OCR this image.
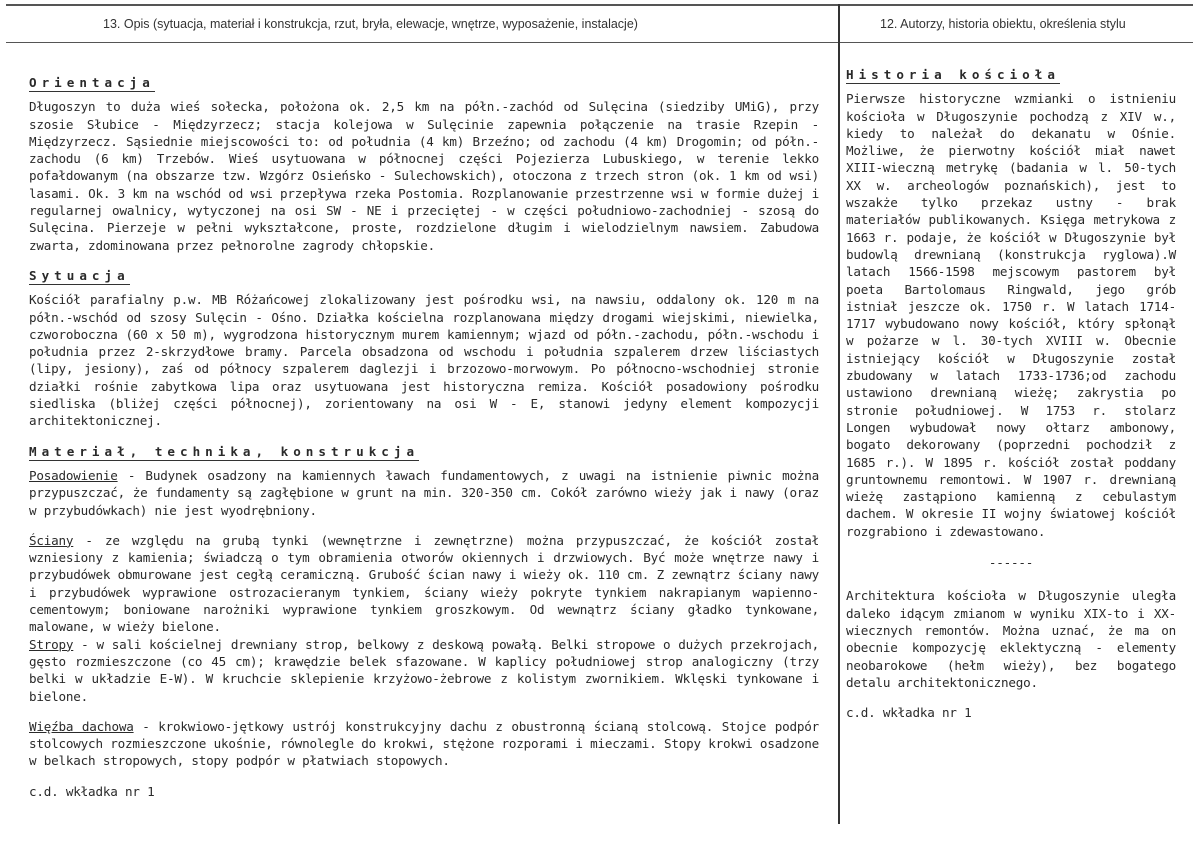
13. Opis (sytuacja, materiał i konstrukcja, rzut, bryła, elewacje, wnętrze, wyposażenie, instalacje)	12. Autorzy, historia obiektu, określenia stylu
Orientacja

Długoszyn to duża wieś sołecka, położona ok. 2,5 km na półn.-zachód od Sulęcina (siedziby UMiG), przy szosie Słubice - Międzyrzecz; stacja kolejowa w Sulęcinie zapewnia połączenie na trasie Rzepin - Międzyrzecz. Sąsiednie miejscowości to: od południa (4 km) Brzeźno; od zachodu (4 km) Drogomin; od półn.-zachodu (6 km) Trzebów. Wieś usytuowana w północnej części Pojezierza Lubuskiego, w terenie lekko pofałdowanym (na obszarze tzw. Wzgórz Osieńsko - Sulechowskich), otoczona z trzech stron (ok. 1 km od wsi) lasami. Ok. 3 km na wschód od wsi przepływa rzeka Postomia. Rozplanowanie przestrzenne wsi w formie dużej i regularnej owalnicy, wytyczonej na osi SW - NE i przeciętej - w części południowo-zachodniej - szosą do Sulęcina. Pierzeje w pełni wykształcone, proste, rozdzielone długim i wielodzielnym nawsiem. Zabudowa zwarta, zdominowana przez pełnorolne zagrody chłopskie.

Sytuacja

Kościół parafialny p.w. MB Różańcowej zlokalizowany jest pośrodku wsi, na nawsiu, oddalony ok. 120 m na półn.-wschód od szosy Sulęcin - Ośno. Działka kościelna rozplanowana między drogami wiejskimi, niewielka, czworoboczna (60 x 50 m), wygrodzona historycznym murem kamiennym; wjazd od półn.-zachodu, półn.-wschodu i południa przez 2-skrzydłowe bramy. Parcela obsadzona od wschodu i południa szpalerem drzew liściastych (lipy, jesiony), zaś od północy szpalerem daglezji i brzozowo-morwowym. Po północno-wschodniej stronie działki rośnie zabytkowa lipa oraz usytuowana jest historyczna remiza. Kościół posadowiony pośrodku siedliska (bliżej części północnej), zorientowany na osi W - E, stanowi jedyny element kompozycji architektonicznej.

Materiał, technika, konstrukcja

Posadowienie - Budynek osadzony na kamiennych ławach fundamentowych, z uwagi na istnienie piwnic można przypuszczać, że fundamenty są zagłębione w grunt na min. 320-350 cm. Cokół zarówno wieży jak i nawy (oraz w przybudówkach) nie jest wyodrębniony.

Ściany - ze względu na grubą tynki (wewnętrzne i zewnętrzne) można przypuszczać, że kościół został wzniesiony z kamienia; świadczą o tym obramienia otworów okiennych i drzwiowych. Być może wnętrze nawy i przybudówek obmurowane jest cegłą ceramiczną. Grubość ścian nawy i wieży ok. 110 cm. Z zewnątrz ściany nawy i przybudówek wyprawione ostrozacieranym tynkiem, ściany wieży pokryte tynkiem nakrapianym wapienno-cementowym; boniowane narożniki wyprawione tynkiem groszkowym. Od wewnątrz ściany gładko tynkowane, malowane, w wieży bielone.

Stropy - w sali kościelnej drewniany strop, belkowy z deskową powałą. Belki stropowe o dużych przekrojach, gęsto rozmieszczone (co 45 cm); krawędzie belek sfazowane. W kaplicy południowej strop analogiczny (trzy belki w układzie E-W). W kruchcie sklepienie krzyżowo-żebrowe z kolistym zwornikiem. Wklęski tynkowane i bielone.

Więźba dachowa - krokwiowo-jętkowy ustrój konstrukcyjny dachu z obustronną ścianą stolcową. Stojce podpór stolcowych rozmieszczone ukośnie, równolegle do krokwi, stężone rozporami i mieczami. Stopy krokwi osadzone w belkach stropowych, stopy podpór w płatwiach stopowych.

c.d. wkładka nr 1
Historia kościoła

Pierwsze historyczne wzmianki o istnieniu kościoła w Długoszynie pochodzą z XIV w., kiedy to należał do dekanatu w Ośnie. Możliwe, że pierwotny kościół miał nawet XIII-wieczną metrykę (badania w l. 50-tych XX w. archeologów poznańskich), jest to wszakże tylko przekaz ustny - brak materiałów publikowanych. Księga metrykowa z 1663 r. podaje, że kościół w Długoszynie był budowlą drewnianą (konstrukcja ryglowa).W latach 1566-1598 mejscowym pastorem był poeta Bartolomaus Ringwald, jego grób istniał jeszcze ok. 1750 r. W latach 1714-1717 wybudowano nowy kościół, który spłonął w pożarze w l. 30-tych XVIII w. Obecnie istniejący kościół w Długoszynie został zbudowany w latach 1733-1736;od zachodu ustawiono drewnianą wieżę; zakrystia po stronie południowej. W 1753 r. stolarz Longen wybudował nowy ołtarz ambonowy, bogato dekorowany (poprzedni pochodził z 1685 r.). W 1895 r. kościół został poddany gruntownemu remontowi. W 1907 r. drewnianą wieżę zastąpiono kamienną z cebulastym dachem. W okresie II wojny światowej kościół rozgrabiono i zdewastowano.

------

Architektura kościoła w Długoszynie uległa daleko idącym zmianom w wyniku XIX-to i XX-wiecznych remontów. Można uznać, że ma on obecnie kompozycję eklektyczną - elementy neobarokowe (hełm wieży), bez bogatego detalu architektonicznego.

c.d. wkładka nr 1
